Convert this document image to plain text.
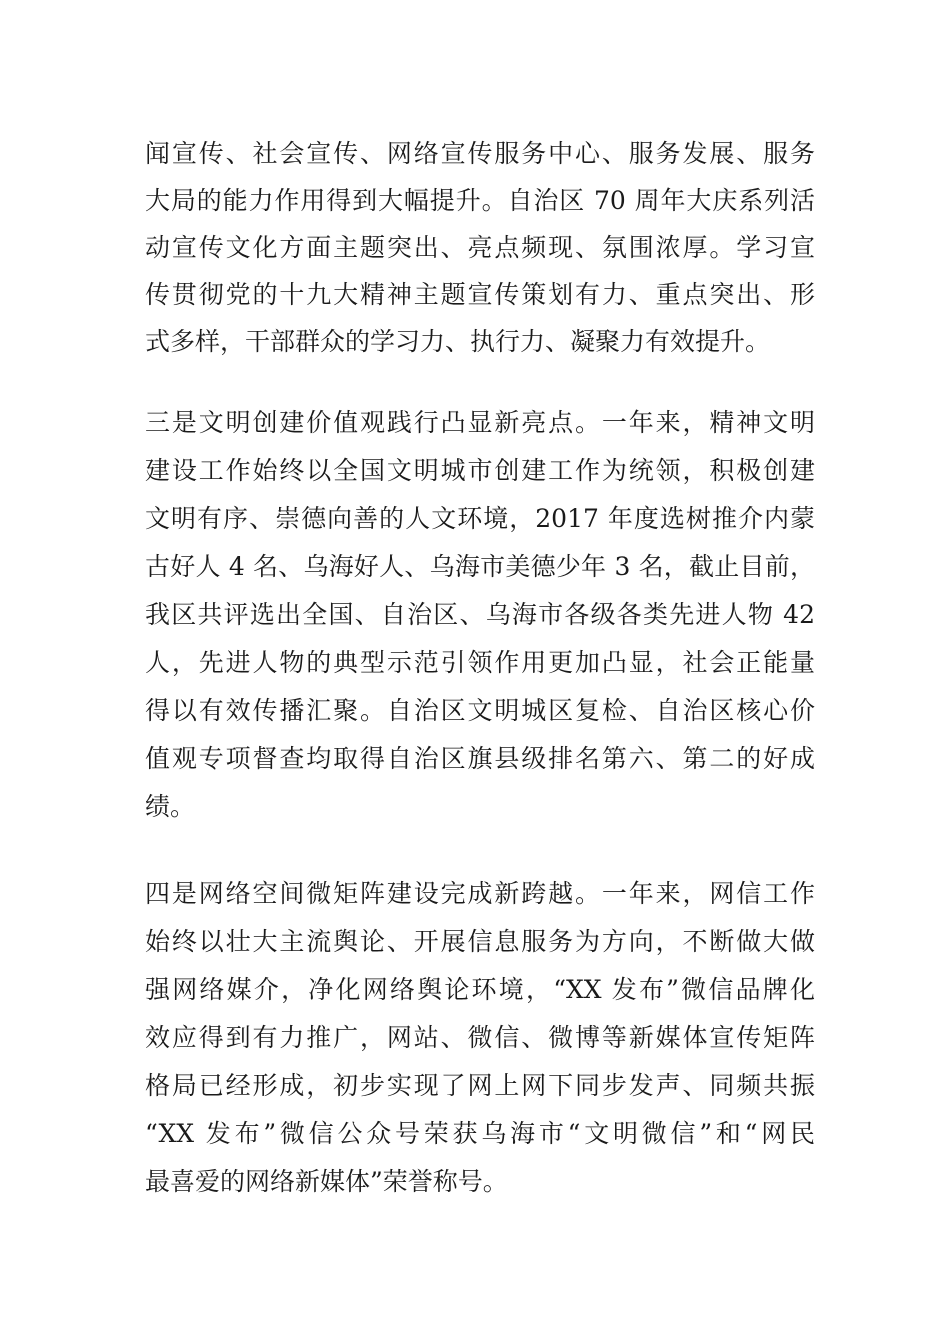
闻宣传、社会宣传、网络宣传服务中心、服务发展、服务
大局的能力作用得到大幅提升。自治区 70 周年大庆系列活
动宣传文化方面主题突出、亮点频现、氛围浓厚。学习宣
传贯彻党的十九大精神主题宣传策划有力、重点突出、形
式多样，干部群众的学习力、执行力、凝聚力有效提升。
三是文明创建价值观践行凸显新亮点。一年来，精神文明
建设工作始终以全国文明城市创建工作为统领，积极创建
文明有序、崇德向善的人文环境，2017 年度选树推介内蒙
古好人 4 名、乌海好人、乌海市美德少年 3 名，截止目前，
我区共评选出全国、自治区、乌海市各级各类先进人物 42
人，先进人物的典型示范引领作用更加凸显，社会正能量
得以有效传播汇聚。自治区文明城区复检、自治区核心价
值观专项督查均取得自治区旗县级排名第六、第二的好成
绩。
四是网络空间微矩阵建设完成新跨越。一年来，网信工作
始终以壮大主流舆论、开展信息服务为方向，不断做大做
强网络媒介，净化网络舆论环境，“XX 发布”微信品牌化
效应得到有力推广，网站、微信、微博等新媒体宣传矩阵
格局已经形成，初步实现了网上网下同步发声、同频共振
“XX 发布”微信公众号荣获乌海市“文明微信”和“网民
最喜爱的网络新媒体”荣誉称号。
